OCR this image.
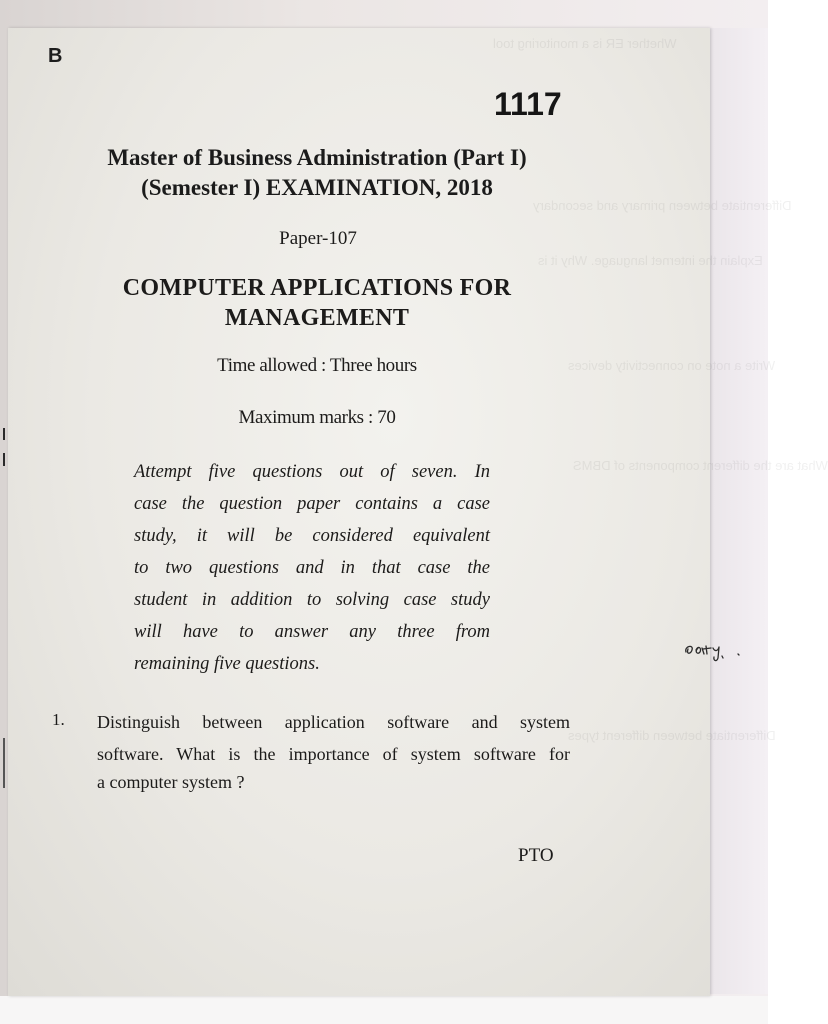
Whether ER is a monitoring tool
Differentiate between primary and secondary
Explain the internet language. Why it is
Write a note on connectivity devices
What are the different components of DBMS
Differentiate between different types
B
1117
Master of Business Administration (Part I)
(Semester I) EXAMINATION, 2018
Paper-107
COMPUTER APPLICATIONS FOR
MANAGEMENT
Time allowed : Three hours
Maximum marks : 70
Attempt five questions out of seven. In
case the question paper contains a case
study, it will be considered equivalent
to two questions and in that case the
student in addition to solving case study
will have to answer any three from
remaining five questions.
1. Distinguish between application software and system
software. What is the importance of system software for
a computer system ?
PTO
